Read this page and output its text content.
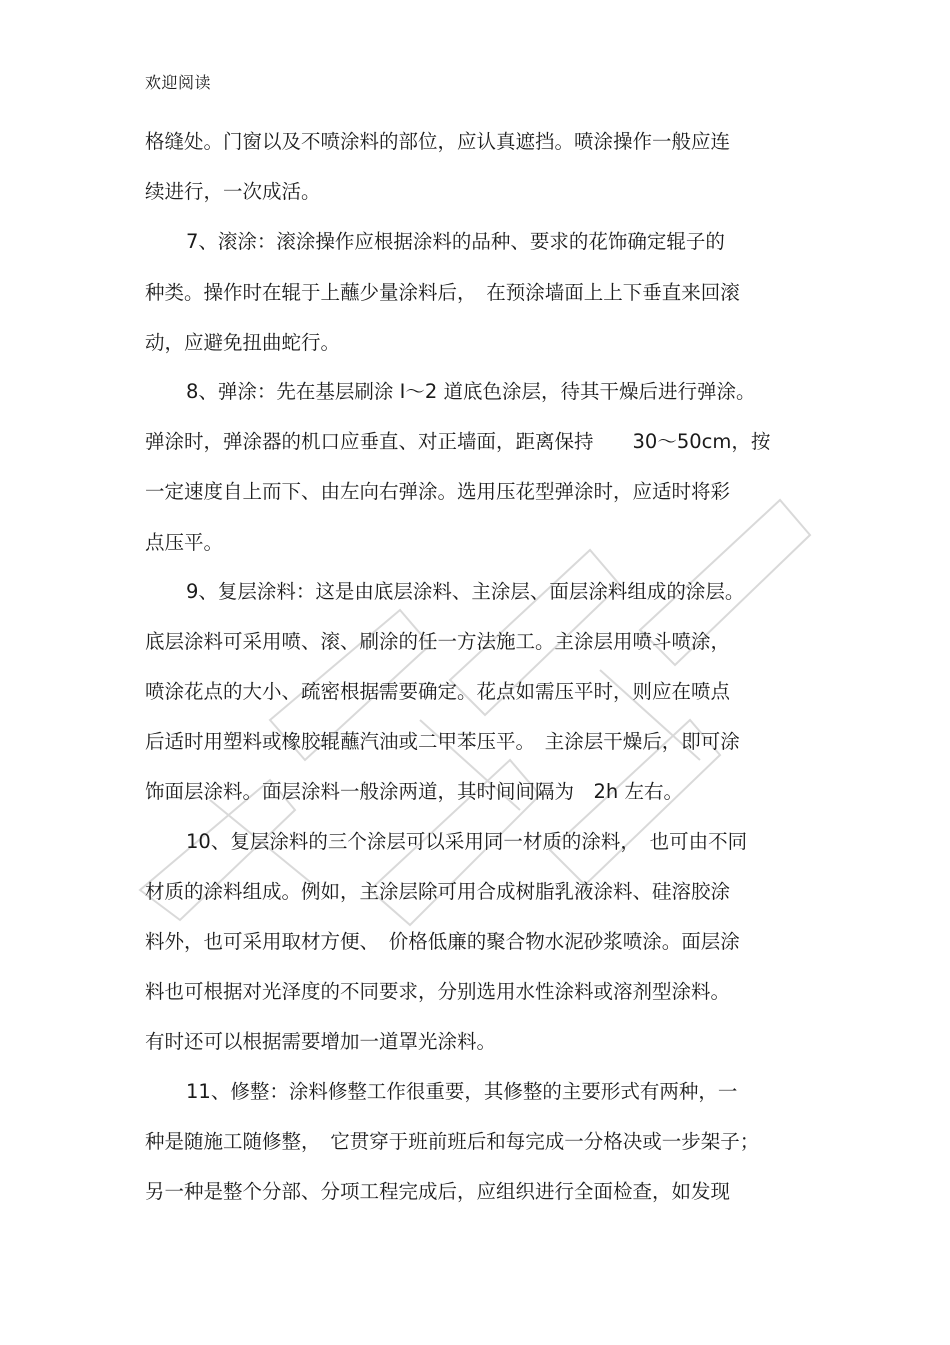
欢迎阅读
格缝处。门窗以及不喷涂料的部位，应认真遮挡。喷涂操作一般应连
续进行，一次成活。
7、滚涂：滚涂操作应根据涂料的品种、要求的花饰确定辊子的
种类。操作时在辊于上蘸少量涂料后，　在预涂墙面上上下垂直来回滚
动，应避免扭曲蛇行。
8、弹涂：先在基层刷涂 I～2 道底色涂层，待其干燥后进行弹涂。
弹涂时，弹涂器的机口应垂直、对正墙面，距离保持　　30～50cm，按
一定速度自上而下、由左向右弹涂。选用压花型弹涂时，应适时将彩
点压平。
9、复层涂料：这是由底层涂料、主涂层、面层涂料组成的涂层。
底层涂料可采用喷、滚、刷涂的任一方法施工。主涂层用喷斗喷涂，
喷涂花点的大小、疏密根据需要确定。花点如需压平时，则应在喷点
后适时用塑料或橡胶辊蘸汽油或二甲苯压平。　主涂层干燥后，即可涂
饰面层涂料。面层涂料一般涂两道，其时间间隔为　2h 左右。
10、复层涂料的三个涂层可以采用同一材质的涂料，　也可由不同
材质的涂料组成。例如，主涂层除可用合成树脂乳液涂料、硅溶胶涂
料外，也可采用取材方便、　价格低廉的聚合物水泥砂浆喷涂。面层涂
料也可根据对光泽度的不同要求，分别选用水性涂料或溶剂型涂料。
有时还可以根据需要增加一道罩光涂料。
11、修整：涂料修整工作很重要，其修整的主要形式有两种，一
种是随施工随修整，　它贯穿于班前班后和每完成一分格决或一步架子；
另一种是整个分部、分项工程完成后，应组织进行全面检查，如发现
